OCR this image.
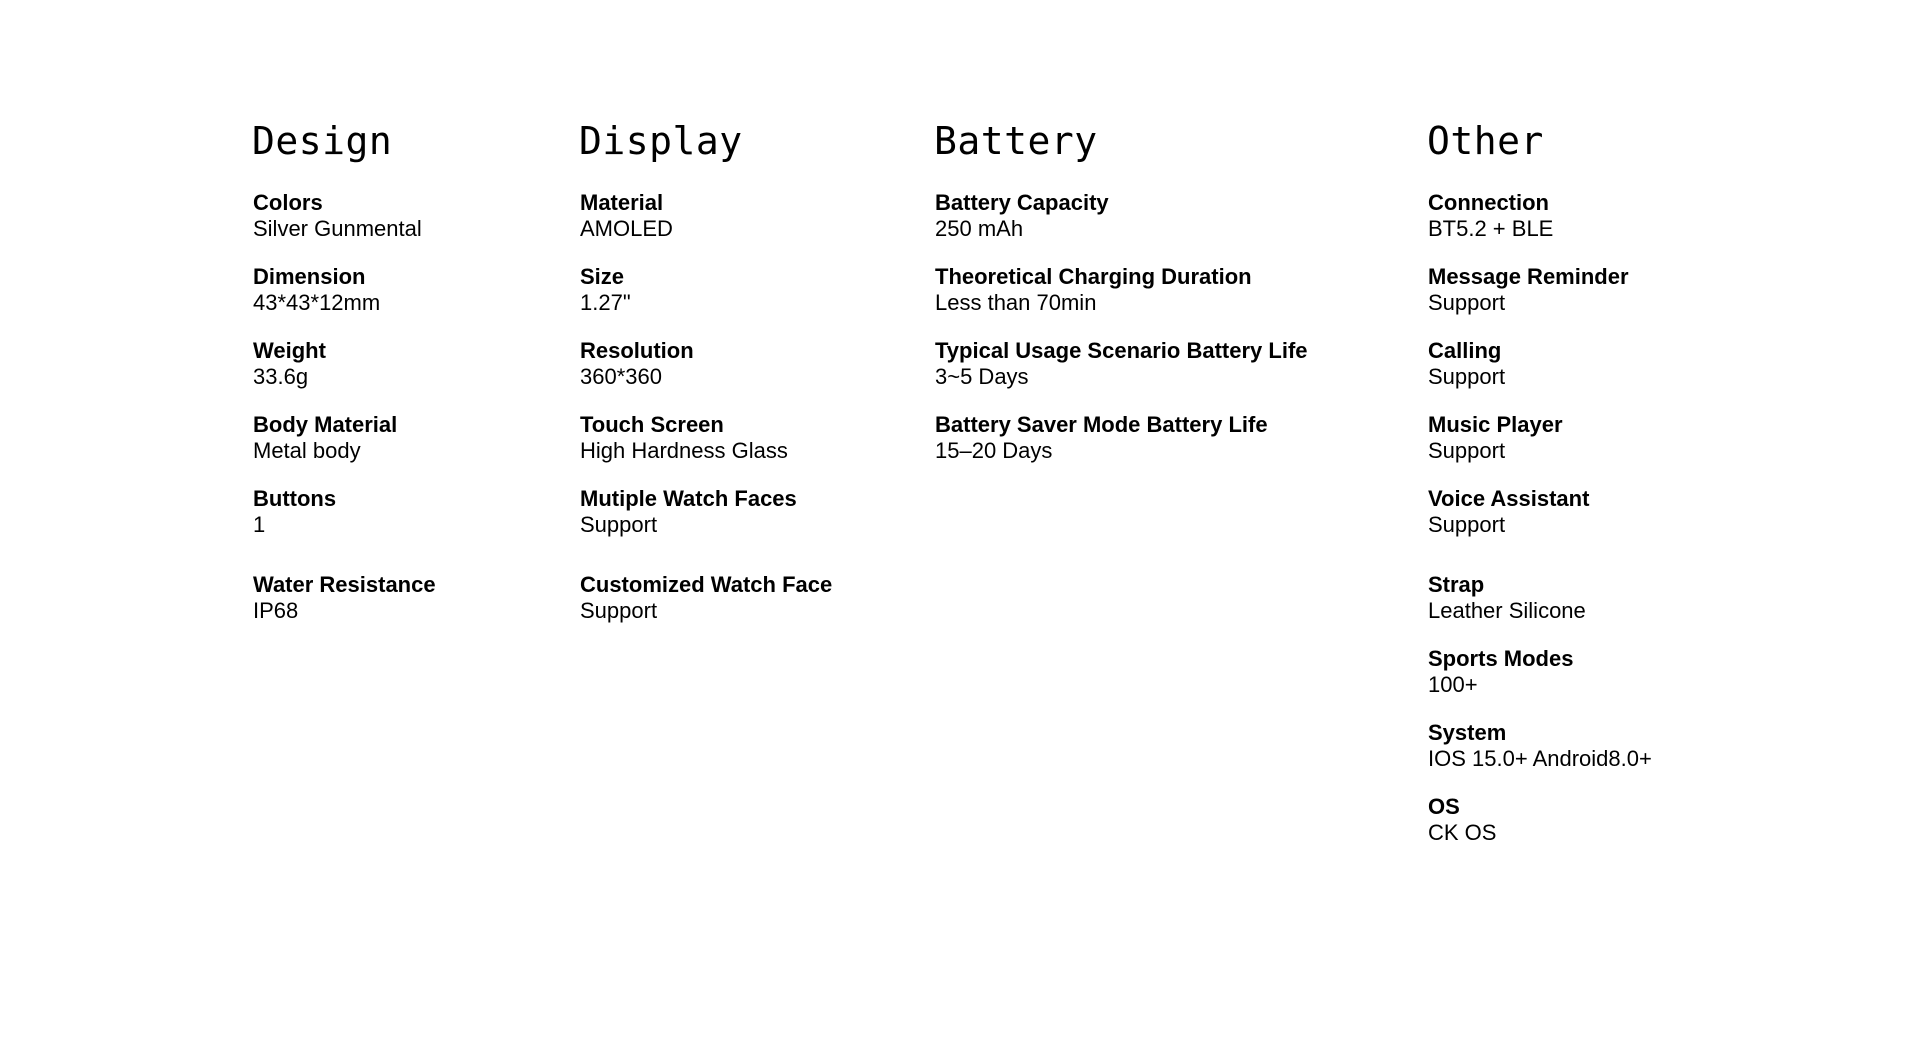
Design
Colors
Silver Gunmental
Dimension
43*43*12mm
Weight
33.6g
Body Material
Metal body
Buttons
1
Water Resistance
IP68
Display
Material
AMOLED
Size
1.27"
Resolution
360*360
Touch Screen
High Hardness Glass
Mutiple Watch Faces
Support
Customized Watch Face
Support
Battery
Battery Capacity
250 mAh
Theoretical Charging Duration
Less than 70min
Typical Usage Scenario Battery Life
3~5 Days
Battery Saver Mode Battery Life
15–20 Days
Other
Connection
BT5.2 + BLE
Message Reminder
Support
Calling
Support
Music Player
Support
Voice Assistant
Support
Strap
Leather Silicone
Sports Modes
100+
System
IOS 15.0+ Android8.0+
OS
CK OS
